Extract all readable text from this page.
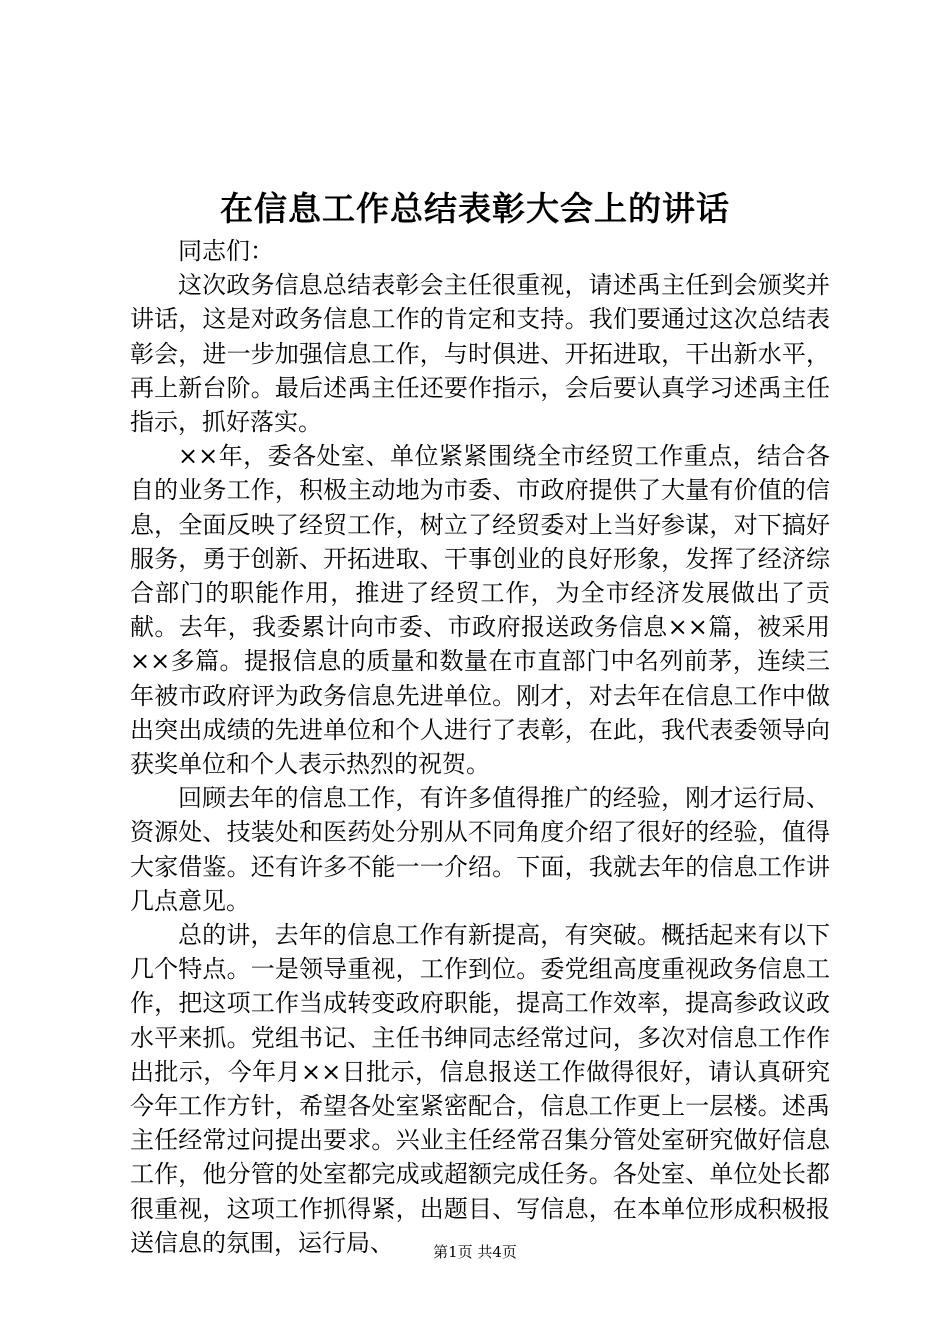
在信息工作总结表彰大会上的讲话

同志们：

这次政务信息总结表彰会主任很重视，请述禹主任到会颁奖并讲话，这是对政务信息工作的肯定和支持。我们要通过这次总结表彰会，进一步加强信息工作，与时俱进、开拓进取，干出新水平，再上新台阶。最后述禹主任还要作指示，会后要认真学习述禹主任指示，抓好落实。

××年，委各处室、单位紧紧围绕全市经贸工作重点，结合各自的业务工作，积极主动地为市委、市政府提供了大量有价值的信息，全面反映了经贸工作，树立了经贸委对上当好参谋，对下搞好服务，勇于创新、开拓进取、干事创业的良好形象，发挥了经济综合部门的职能作用，推进了经贸工作，为全市经济发展做出了贡献。去年，我委累计向市委、市政府报送政务信息××篇，被采用××多篇。提报信息的质量和数量在市直部门中名列前茅，连续三年被市政府评为政务信息先进单位。刚才，对去年在信息工作中做出突出成绩的先进单位和个人进行了表彰，在此，我代表委领导向获奖单位和个人表示热烈的祝贺。

回顾去年的信息工作，有许多值得推广的经验，刚才运行局、资源处、技装处和医药处分别从不同角度介绍了很好的经验，值得大家借鉴。还有许多不能一一介绍。下面，我就去年的信息工作讲几点意见。

总的讲，去年的信息工作有新提高，有突破。概括起来有以下几个特点。一是领导重视，工作到位。委党组高度重视政务信息工作，把这项工作当成转变政府职能，提高工作效率，提高参政议政水平来抓。党组书记、主任书绅同志经常过问，多次对信息工作作出批示，今年月××日批示，信息报送工作做得很好，请认真研究今年工作方针，希望各处室紧密配合，信息工作更上一层楼。述禹主任经常过问提出要求。兴业主任经常召集分管处室研究做好信息工作，他分管的处室都完成或超额完成任务。各处室、单位处长都很重视，这项工作抓得紧，出题目、写信息，在本单位形成积极报送信息的氛围，运行局、	第1页 共4页
